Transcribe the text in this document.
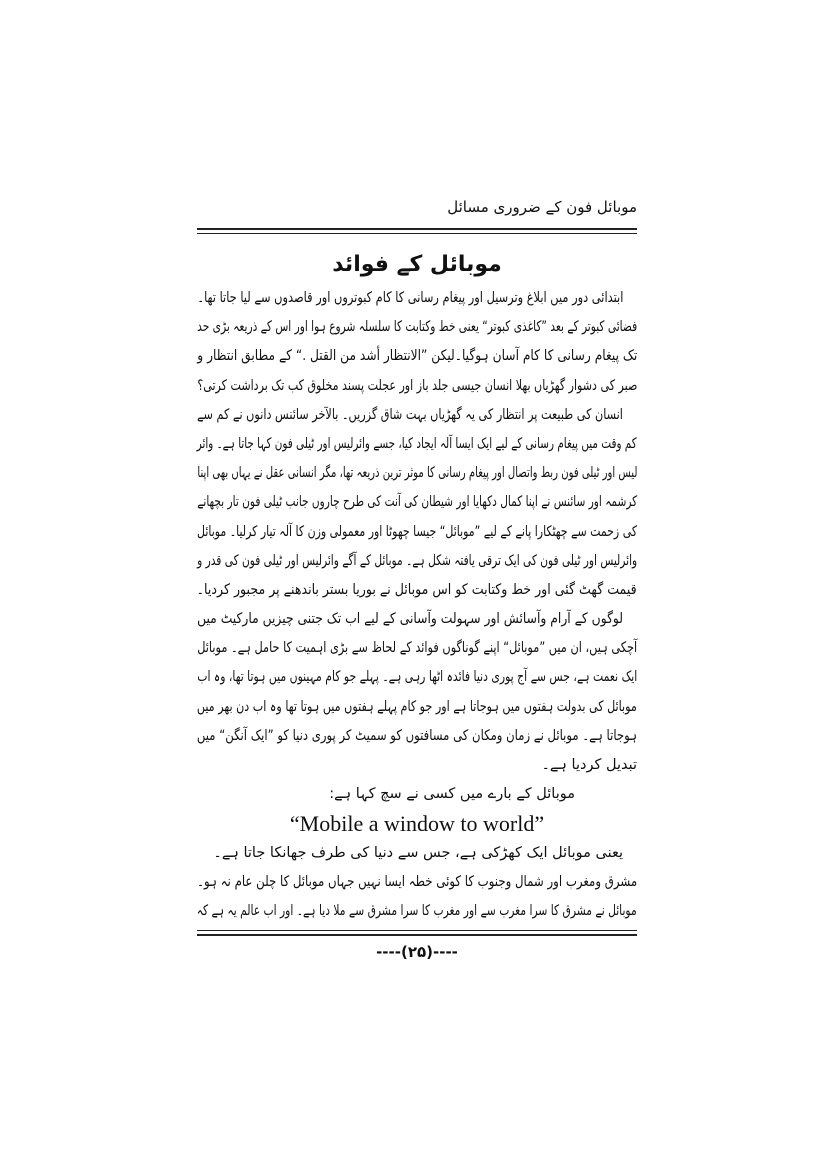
موبائل فون کے ضروری مسائل
موبائل کے فوائد
ابتدائی دور میں ابلاغ وترسیل اور پیغام رسانی کا کام کبوتروں اور قاصدوں سے لیا جاتا تھا۔
فضائی کبوتر کے بعد ”کاغذی کبوتر“ یعنی خط وکتابت کا سلسلہ شروع ہوا اور اس کے ذریعہ بڑی حد
تک پیغام رسانی کا کام آسان ہوگیا۔لیکن ”الانتظار أشد من القتل .“ کے مطابق انتظار و
صبر کی دشوار گھڑیاں بھلا انسان جیسی جلد باز اور عجلت پسند مخلوق کب تک برداشت کرتی؟
انسان کی طبیعت پر انتظار کی یہ گھڑیاں بہت شاق گزریں۔ بالآخر سائنس دانوں نے کم سے
کم وقت میں پیغام رسانی کے لیے ایک ایسا آلہ ایجاد کیا، جسے وائرلیس اور ٹیلی فون کہا جاتا ہے۔ وائر
لیس اور ٹیلی فون ربط واتصال اور پیغام رسانی کا موثر ترین ذریعہ تھا، مگر انسانی عقل نے یہاں بھی اپنا
کرشمہ اور سائنس نے اپنا کمال دکھایا اور شیطان کی آنت کی طرح چاروں جانب ٹیلی فون تار بچھانے
کی زحمت سے چھٹکارا پانے کے لیے ”موبائل“ جیسا چھوٹا اور معمولی وزن کا آلہ تیار کرلیا۔ موبائل
وائرلیس اور ٹیلی فون کی ایک ترقی یافتہ شکل ہے۔ موبائل کے آگے وائرلیس اور ٹیلی فون کی قدر و
قیمت گھٹ گئی اور خط وکتابت کو اس موبائل نے بوریا بستر باندھنے پر مجبور کردیا۔
لوگوں کے آرام وآسائش اور سہولت وآسانی کے لیے اب تک جتنی چیزیں مارکیٹ میں
آچکی ہیں، ان میں ”موبائل“ اپنے گوناگوں فوائد کے لحاظ سے بڑی اہمیت کا حامل ہے۔ موبائل
ایک نعمت ہے، جس سے آج پوری دنیا فائدہ اٹھا رہی ہے۔ پہلے جو کام مہینوں میں ہوتا تھا، وہ اب
موبائل کی بدولت ہفتوں میں ہوجاتا ہے اور جو کام پہلے ہفتوں میں ہوتا تھا وہ اب دن بھر میں
ہوجاتا ہے۔ موبائل نے زمان ومکان کی مسافتوں کو سمیٹ کر پوری دنیا کو ”ایک آنگن“ میں
تبدیل کردیا ہے۔
موبائل کے بارے میں کسی نے سچ کہا ہے:
“Mobile a window to world”
یعنی موبائل ایک کھڑکی ہے، جس سے دنیا کی طرف جھانکا جاتا ہے۔
مشرق ومغرب اور شمال وجنوب کا کوئی خطہ ایسا نہیں جہاں موبائل کا چلن عام نہ ہو۔
موبائل نے مشرق کا سرا مغرب سے اور مغرب کا سرا مشرق سے ملا دیا ہے۔ اور اب عالم یہ ہے کہ
----(۲۵)----
